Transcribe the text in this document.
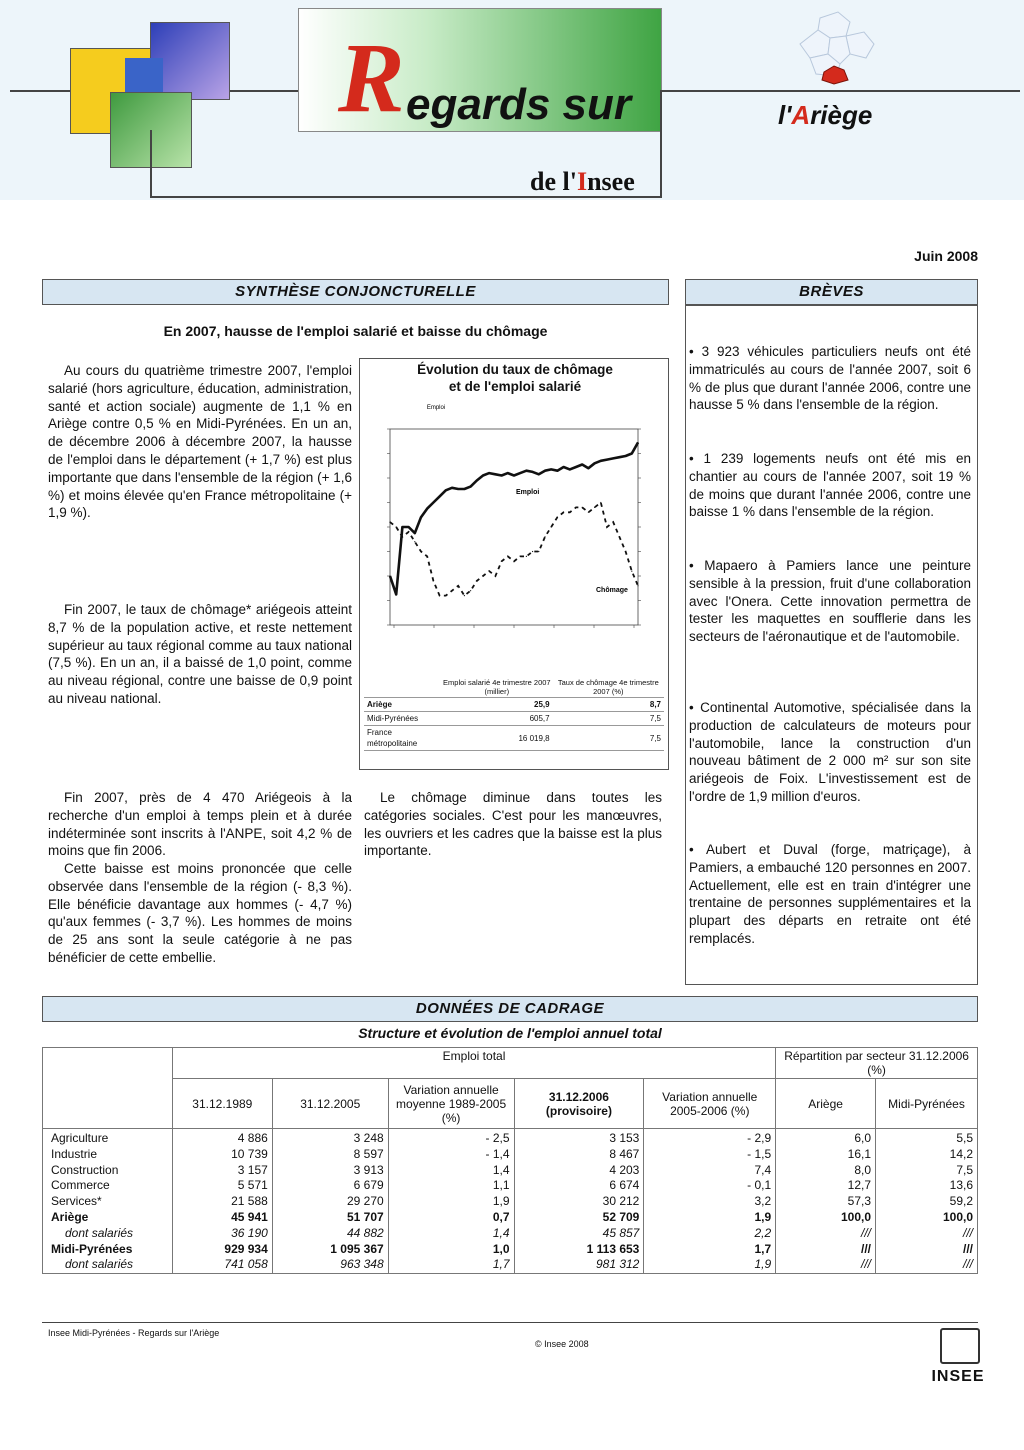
R egards sur
de l'Insee
l'Ariège
Juin 2008
SYNTHÈSE CONJONCTURELLE
En 2007, hausse de l'emploi salarié et baisse du chômage

Au cours du quatrième trimestre 2007, l'emploi salarié (hors agriculture, éducation, administration, santé et action sociale) augmente de 1,1 % en Ariège contre 0,5 % en Midi-Pyrénées. En un an, de décembre 2006 à décembre 2007, la hausse de l'emploi dans le département (+ 1,7 %) est plus importante que dans l'ensemble de la région (+ 1,6 %) et moins élevée qu'en France métropolitaine (+ 1,9 %).

Fin 2007, le taux de chômage* ariégeois atteint 8,7 % de la population active, et reste nettement supérieur au taux régional comme au taux national (7,5 %). En un an, il a baissé de 1,0 point, comme au niveau régional, contre une baisse de 0,9 point au niveau national.

Fin 2007, près de 4 470 Ariégeois à la recherche d'un emploi à temps plein et à durée indéterminée sont inscrits à l'ANPE, soit 4,2 % de moins que fin 2006.

Cette baisse est moins prononcée que celle observée dans l'ensemble de la région (- 8,3 %). Elle bénéficie davantage aux hommes (- 4,7 %) qu'aux femmes (- 3,7 %). Les hommes de moins de 25 ans sont la seule catégorie à ne pas bénéficier de cette embellie.

Le chômage diminue dans toutes les catégories sociales. C'est pour les manœuvres, les ouvriers et les cadres que la baisse est la plus importante.

Évolution du taux de chômage
et de l'emploi salarié
Emploi
Emploi
Chômage
	Emploi salarié 4e trimestre 2007 (millier)	Taux de chômage 4e trimestre 2007 (%)
Ariège	25,9	8,7
Midi-Pyrénées	605,7	7,5
France métropolitaine	16 019,8	7,5

BRÈVES

• 3 923 véhicules particuliers neufs ont été immatriculés au cours de l'année 2007, soit 6 % de plus que durant l'année 2006, contre une hausse 5 % dans l'ensemble de la région.

• 1 239 logements neufs ont été mis en chantier au cours de l'année 2007, soit 19 % de moins que durant l'année 2006, contre une baisse 1 % dans l'ensemble de la région.

• Mapaero à Pamiers lance une peinture sensible à la pression, fruit d'une collaboration avec l'Onera. Cette innovation permettra de tester les maquettes en soufflerie dans les secteurs de l'aéronautique et de l'automobile.

• Continental Automotive, spécialisée dans la production de calculateurs de moteurs pour l'automobile, lance la construction d'un nouveau bâtiment de 2 000 m² sur son site ariégeois de Foix. L'investissement est de l'ordre de 1,9 million d'euros.

• Aubert et Duval (forge, matriçage), à Pamiers, a embauché 120 personnes en 2007. Actuellement, elle est en train d'intégrer une trentaine de personnes supplémentaires et la plupart des départs en retraite ont été remplacés.

DONNÉES DE CADRAGE
Structure et évolution de l'emploi annuel total
	Emploi total					Répartition par secteur 31.12.2006 (%)	
	31.12.1989	31.12.2005	Variation annuelle moyenne 1989-2005 (%)	31.12.2006 (provisoire)	Variation annuelle 2005-2006 (%)	Ariège	Midi-Pyrénées
Agriculture	4 886	3 248	- 2,5	3 153	- 2,9	6,0	5,5
Industrie	10 739	8 597	- 1,4	8 467	- 1,5	16,1	14,2
Construction	3 157	3 913	1,4	4 203	7,4	8,0	7,5
Commerce	5 571	6 679	1,1	6 674	- 0,1	12,7	13,6
Services*	21 588	29 270	1,9	30 212	3,2	57,3	59,2
Ariège	45 941	51 707	0,7	52 709	1,9	100,0	100,0
dont salariés	36 190	44 882	1,4	45 857	2,2	///	///
Midi-Pyrénées	929 934	1 095 367	1,0	1 113 653	1,7	///	///
dont salariés	741 058	963 348	1,7	981 312	1,9	///	///
Insee Midi-Pyrénées - Regards sur l'Ariège
© Insee 2008
INSEE
